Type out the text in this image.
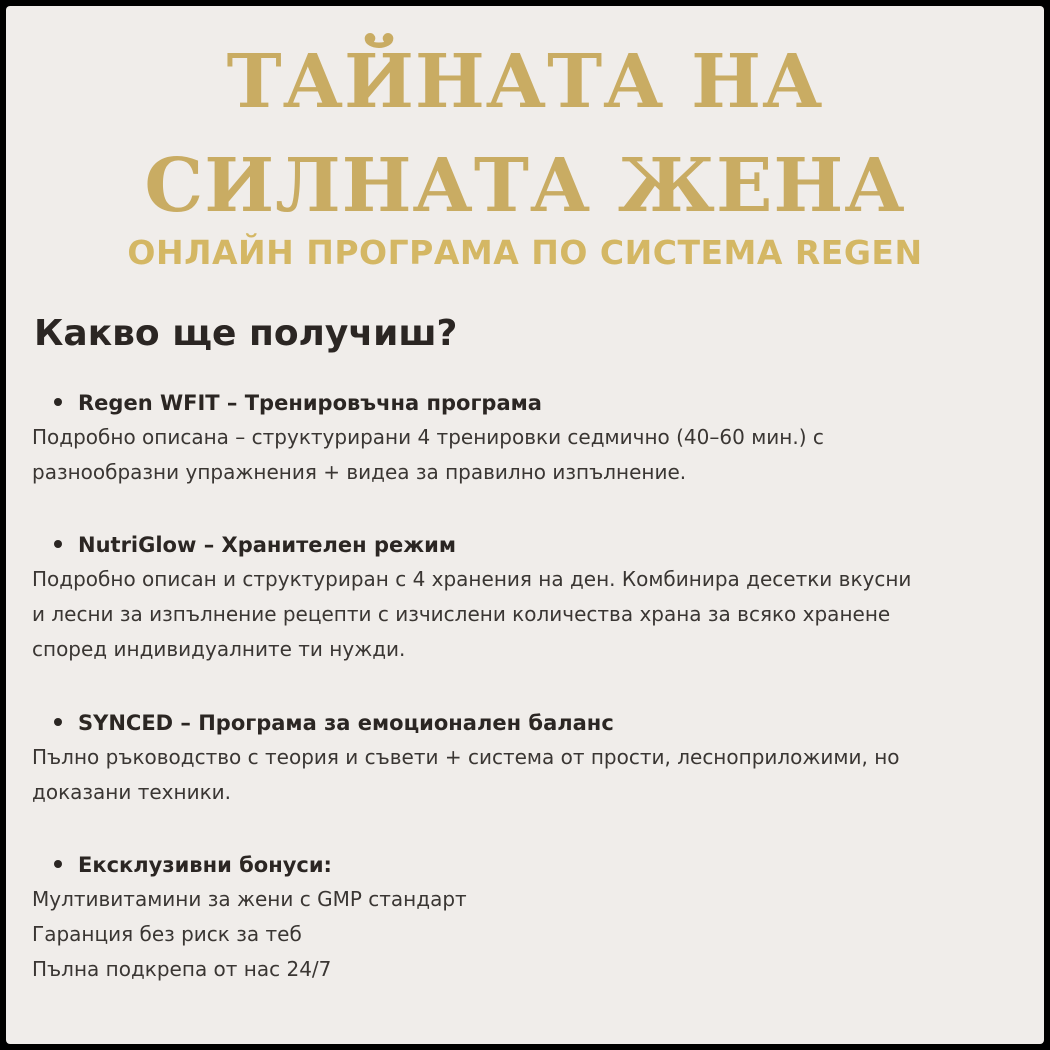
ТАЙНАТА НА
СИЛНАТА ЖЕНА
ОНЛАЙН ПРОГРАМА ПО СИСТЕМА REGEN
Какво ще получиш?
Regen WFIT – Тренировъчна програма
Подробно описана – структурирани 4 тренировки седмично (40–60 мин.) с
разнообразни упражнения + видеа за правилно изпълнение.
NutriGlow – Хранителен режим
Подробно описан и структуриран с 4 хранения на ден. Комбинира десетки вкусни
и лесни за изпълнение рецепти с изчислени количества храна за всяко хранене
според индивидуалните ти нужди.
SYNCED – Програма за емоционален баланс
Пълно ръководство с теория и съвети + система от прости, лесноприложими, но
доказани техники.
Ексклузивни бонуси:
Мултивитамини за жени с GMP стандарт
Гаранция без риск за теб
Пълна подкрепа от нас 24/7
